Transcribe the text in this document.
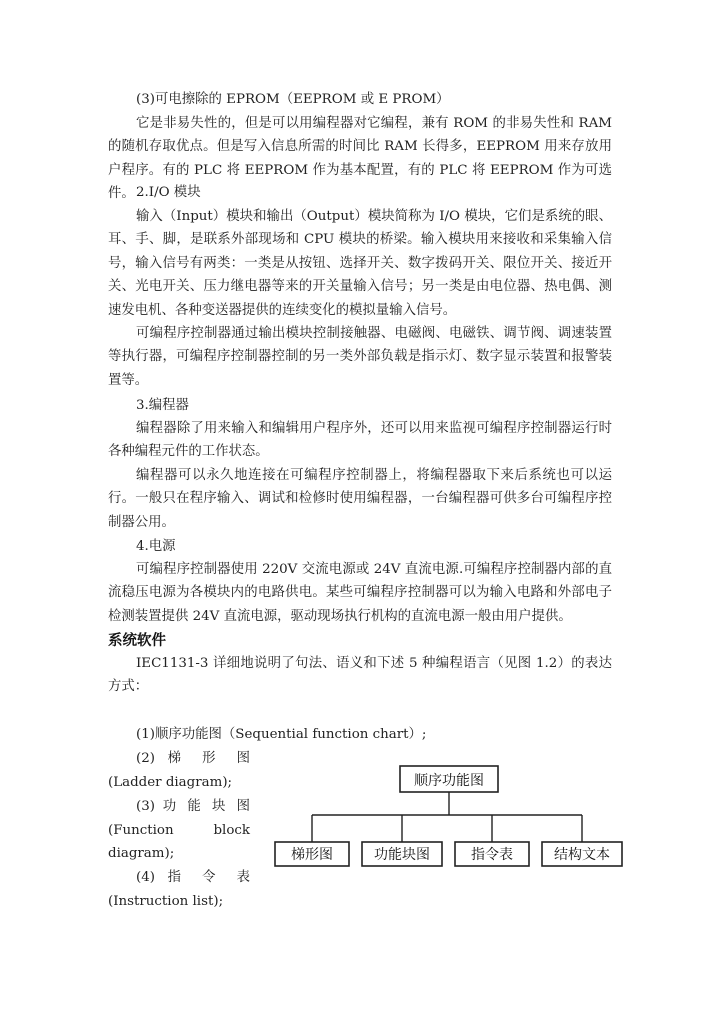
(3)可电擦除的 EPROM（EEPROM 或 E PROM）

它是非易失性的，但是可以用编程器对它编程，兼有 ROM 的非易失性和 RAM 的随机存取优点。但是写入信息所需的时间比 RAM 长得多，EEPROM 用来存放用户程序。有的 PLC 将 EEPROM 作为基本配置，有的 PLC 将 EEPROM 作为可选件。 2.I/O 模块

输入（Input）模块和输出（Output）模块简称为 I/O 模块，它们是系统的眼、耳、手、脚，是联系外部现场和 CPU 模块的桥梁。输入模块用来接收和采集输入信号，输入信号有两类：一类是从按钮、选择开关、数字拨码开关、限位开关、接近开关、光电开关、压力继电器等来的开关量输入信号；另一类是由电位器、热电偶、测速发电机、各种变送器提供的连续变化的模拟量输入信号。

可编程序控制器通过输出模块控制接触器、电磁阀、电磁铁、调节阀、调速装置等执行器，可编程序控制器控制的另一类外部负载是指示灯、数字显示装置和报警装置等。

3.编程器

编程器除了用来输入和编辑用户程序外，还可以用来监视可编程序控制器运行时各种编程元件的工作状态。

编程器可以永久地连接在可编程序控制器上，将编程器取下来后系统也可以运行。一般只在程序输入、调试和检修时使用编程器，一台编程器可供多台可编程序控制器公用。

4.电源

可编程序控制器使用 220V 交流电源或 24V 直流电源.可编程序控制器内部的直流稳压电源为各模块内的电路供电。某些可编程序控制器可以为输入电路和外部电子检测装置提供 24V 直流电源，驱动现场执行机构的直流电源一般由用户提供。

系统软件

IEC1131-3 详细地说明了句法、语义和下述 5 种编程语言（见图 1.2）的表达方式：

(1)顺序功能图（Sequential function chart）;

(2) 梯 形 图

(Ladder diagram);

(3) 功 能 块 图

(Function block

diagram);

(4) 指 令 表

(Instruction list);

顺序功能图
梯形图	功能块图	指令表	结构文本
